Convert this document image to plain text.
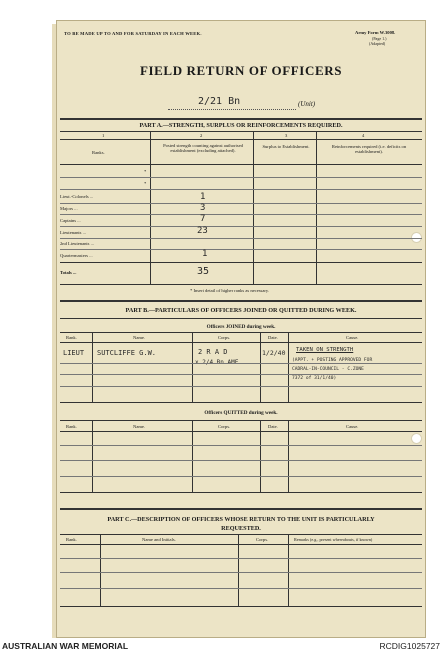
TO BE MADE UP TO AND FOR SATURDAY IN EACH WEEK.	Army Form W.3008.
(Page 1.)
(Adapted)
FIELD RETURN OF OFFICERS
2/21 Bn	(Unit)
PART A.—STRENGTH, SURPLUS OR REINFORCEMENTS REQUIRED.
1	2	3	4
Ranks.
Posted strength counting against authorised establishment (excluding attached).
Surplus to Establishment.	Reinforcements required (i.e. deficits on establishment).
*
*
Lieut.-Colonels ...	1
Majors ...	3
Captains ...	7
Lieutenants ...	23
2nd Lieutenants ...
Quartermasters ...	1
Totals ...	35
* Insert detail of higher ranks as necessary.
PART B.—PARTICULARS OF OFFICERS JOINED OR QUITTED DURING WEEK.
Officers JOINED during week.
Rank.	Name.	Corps.	Date.	Cause.
LIEUT SUTCLIFFE G.W.	2 R A D
x 2/4 Bn AMF
1/2/40 TAKEN ON STRENGTH
(APPT. + POSTING APPROVED FOR
CADRAL-IN-COUNCIL - C.ZONE
7372 of 31/1/40)
Officers QUITTED during week.
Rank.	Name.	Corps.	Date.	Cause.
PART C.—DESCRIPTION OF OFFICERS WHOSE RETURN TO THE UNIT IS PARTICULARLY
REQUESTED.
Rank.	Name and Initials.	Corps.	Remarks (e.g., present whereabouts, if known)
AUSTRALIAN WAR MEMORIAL	RCDIG1025727
